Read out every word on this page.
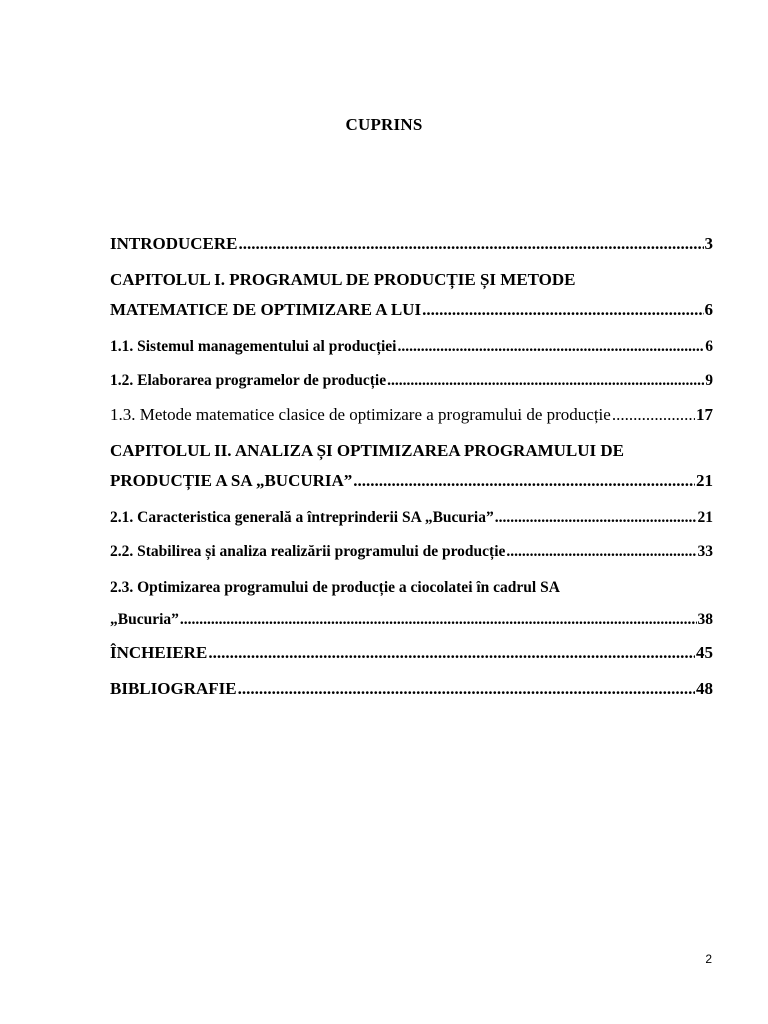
CUPRINS
INTRODUCERE .....	3
CAPITOLUL I. PROGRAMUL DE PRODUCȚIE ȘI METODE
MATEMATICE DE OPTIMIZARE A LUI .....	6
1.1. Sistemul managementului al producției .....	6
1.2. Elaborarea programelor de producție .....	9
1.3. Metode matematice clasice de optimizare a programului de producție .....	17
CAPITOLUL II. ANALIZA ȘI OPTIMIZAREA PROGRAMULUI DE
PRODUCȚIE A SA „BUCURIA” .....	21
2.1. Caracteristica generală a întreprinderii SA „Bucuria” .....	21
2.2. Stabilirea și analiza realizării programului de producție .....	33
2.3. Optimizarea programului de producție a ciocolatei în cadrul SA
„Bucuria” .....	38
ÎNCHEIERE .....	45
BIBLIOGRAFIE .....	48
2
